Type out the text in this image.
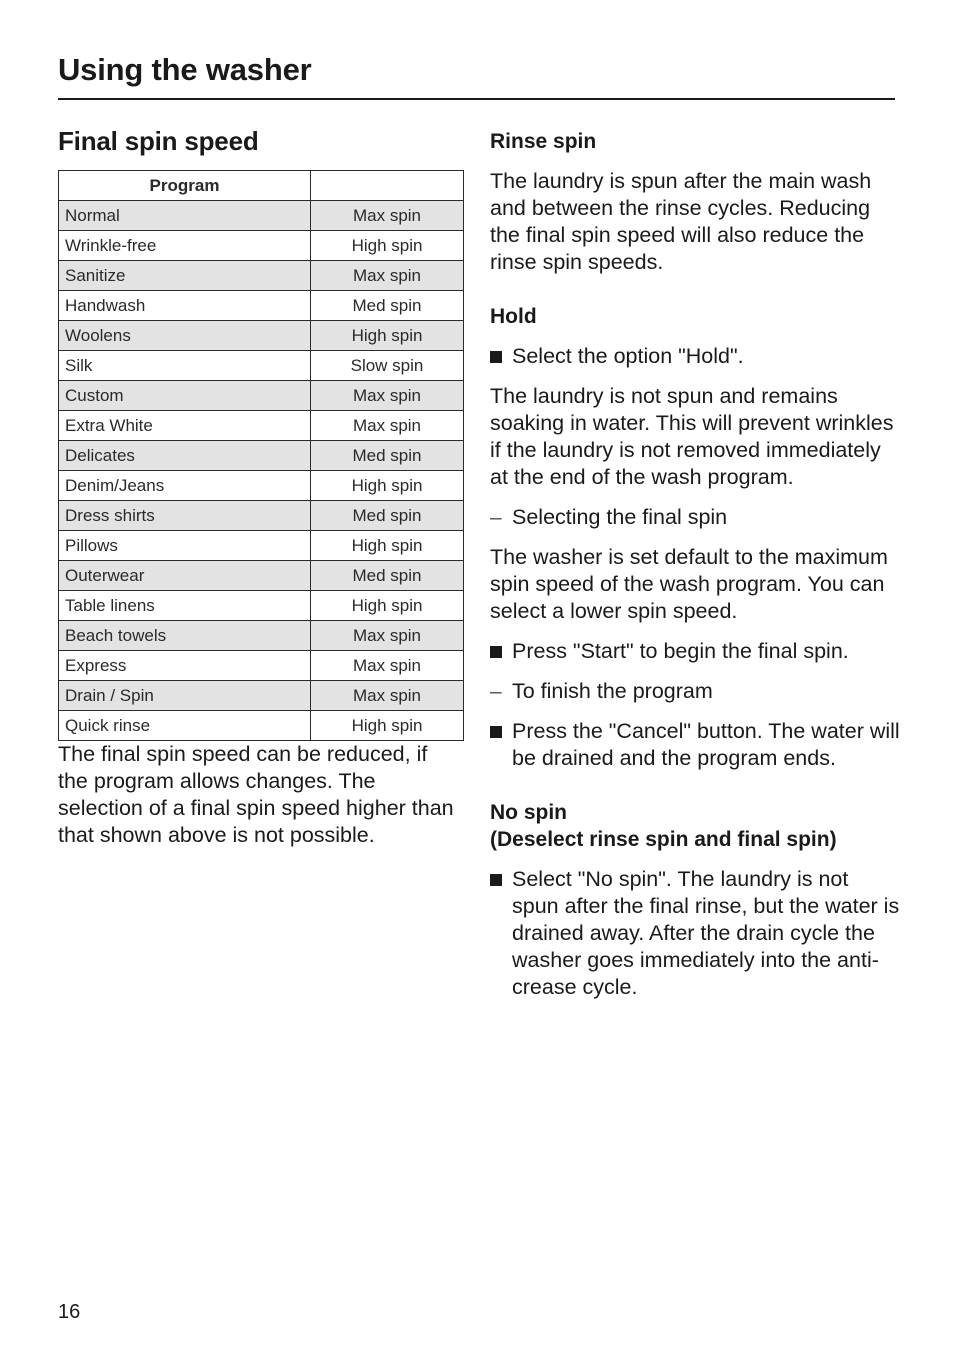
Using the washer
Final spin speed
Program	
Normal	Max spin
Wrinkle-free	High spin
Sanitize	Max spin
Handwash	Med spin
Woolens	High spin
Silk	Slow spin
Custom	Max spin
Extra White	Max spin
Delicates	Med spin
Denim/Jeans	High spin
Dress shirts	Med spin
Pillows	High spin
Outerwear	Med spin
Table linens	High spin
Beach towels	Max spin
Express	Max spin
Drain / Spin	Max spin
Quick rinse	High spin

The final spin speed can be reduced, if the program allows changes. The selection of a final spin speed higher than that shown above is not possible.

Rinse spin

The laundry is spun after the main wash and between the rinse cycles. Reducing the final spin speed will also reduce the rinse spin speeds.

Hold
Select the option "Hold".

The laundry is not spun and remains soaking in water. This will prevent wrinkles if the laundry is not removed immediately at the end of the wash program.

– Selecting the final spin

The washer is set default to the maximum spin speed of the wash program. You can select a lower spin speed.

Press "Start" to begin the final spin.
– To finish the program
Press the "Cancel" button. The water will be drained and the program ends.
No spin
(Deselect rinse spin and final spin)
Select "No spin". The laundry is not spun after the final rinse, but the water is drained away. After the drain cycle the washer goes immediately into the anti-crease cycle.
16
